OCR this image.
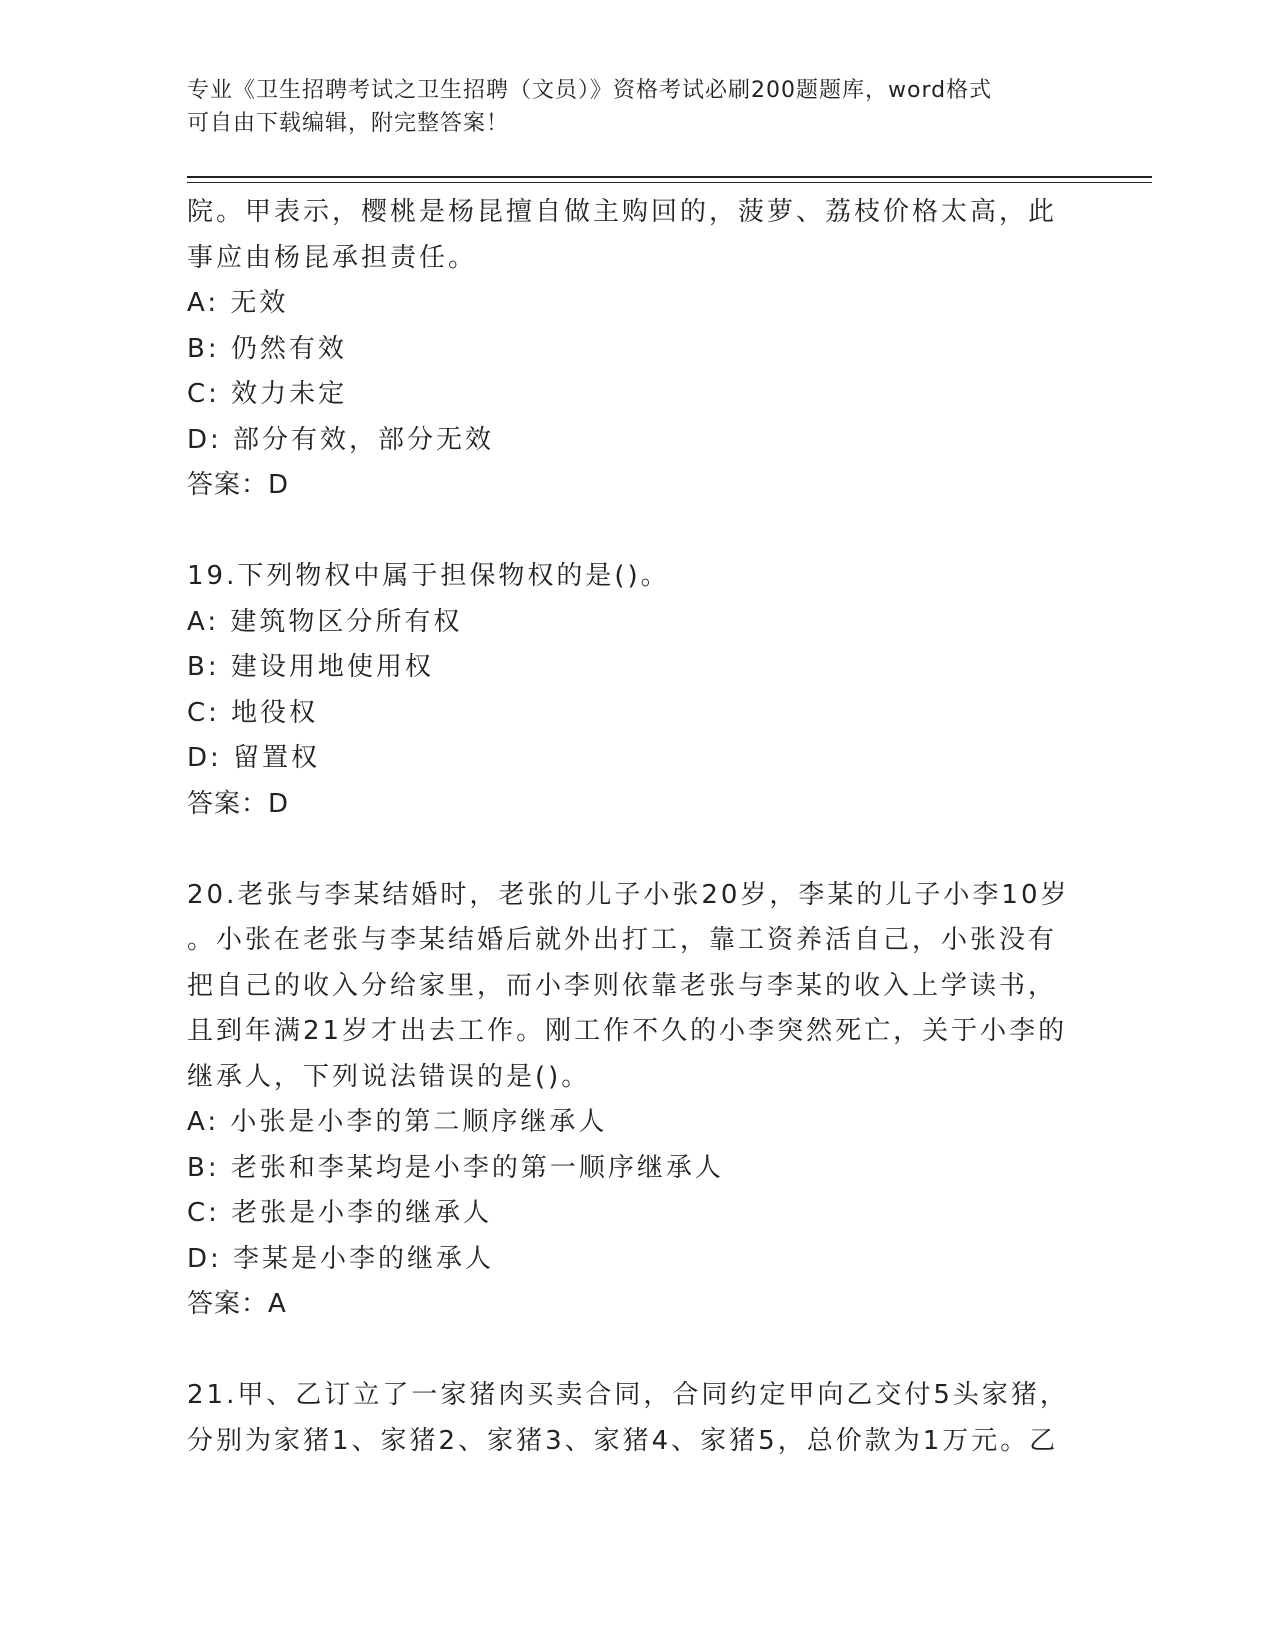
专业《卫生招聘考试之卫生招聘（文员）》资格考试必刷200题题库，word格式
可自由下载编辑，附完整答案！
院。甲表示，樱桃是杨昆擅自做主购回的，菠萝、荔枝价格太高，此
事应由杨昆承担责任。
A: 无效
B: 仍然有效
C: 效力未定
D: 部分有效，部分无效
答案：D
19.下列物权中属于担保物权的是()。
A: 建筑物区分所有权
B: 建设用地使用权
C: 地役权
D: 留置权
答案：D
20.老张与李某结婚时，老张的儿子小张20岁，李某的儿子小李10岁
。小张在老张与李某结婚后就外出打工，靠工资养活自己，小张没有
把自己的收入分给家里，而小李则依靠老张与李某的收入上学读书，
且到年满21岁才出去工作。刚工作不久的小李突然死亡，关于小李的
继承人，下列说法错误的是()。
A: 小张是小李的第二顺序继承人
B: 老张和李某均是小李的第一顺序继承人
C: 老张是小李的继承人
D: 李某是小李的继承人
答案：A
21.甲、乙订立了一家猪肉买卖合同，合同约定甲向乙交付5头家猪，
分别为家猪1、家猪2、家猪3、家猪4、家猪5，总价款为1万元。乙
